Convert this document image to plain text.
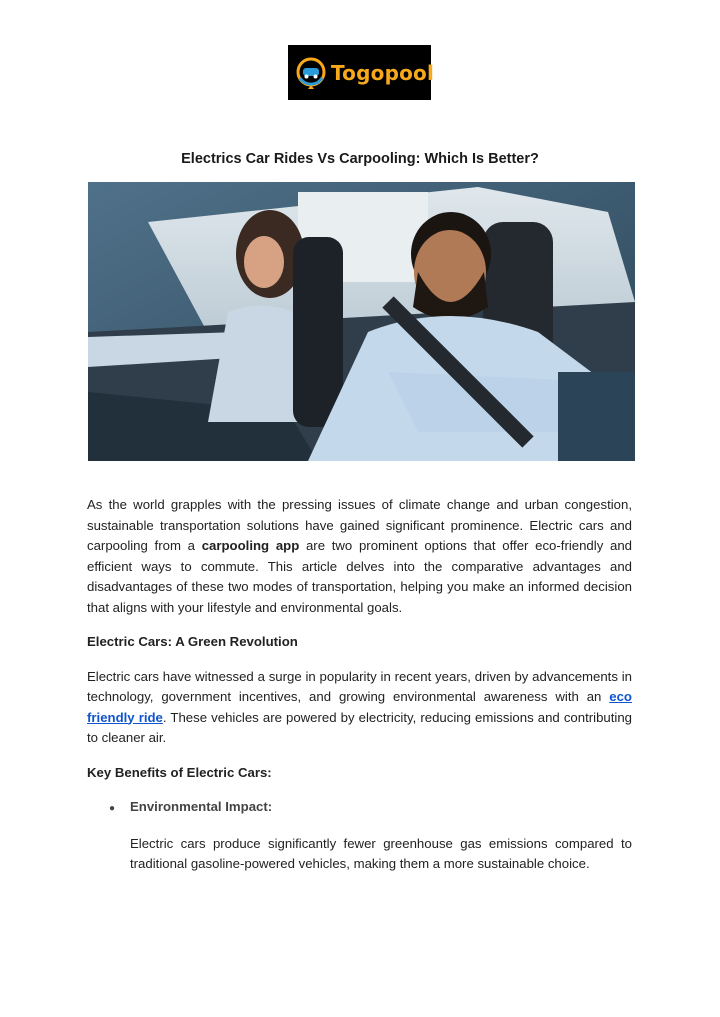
Togopool
Electrics Car Rides Vs Carpooling: Which Is Better?

As the world grapples with the pressing issues of climate change and urban congestion, sustainable transportation solutions have gained significant prominence. Electric cars and carpooling from a carpooling app are two prominent options that offer eco-friendly and efficient ways to commute. This article delves into the comparative advantages and disadvantages of these two modes of transportation, helping you make an informed decision that aligns with your lifestyle and environmental goals.

Electric Cars: A Green Revolution

Electric cars have witnessed a surge in popularity in recent years, driven by advancements in technology, government incentives, and growing environmental awareness with an eco friendly ride. These vehicles are powered by electricity, reducing emissions and contributing to cleaner air.

Key Benefits of Electric Cars:

●	Environmental Impact:

Electric cars produce significantly fewer greenhouse gas emissions compared to traditional gasoline-powered vehicles, making them a more sustainable choice.
